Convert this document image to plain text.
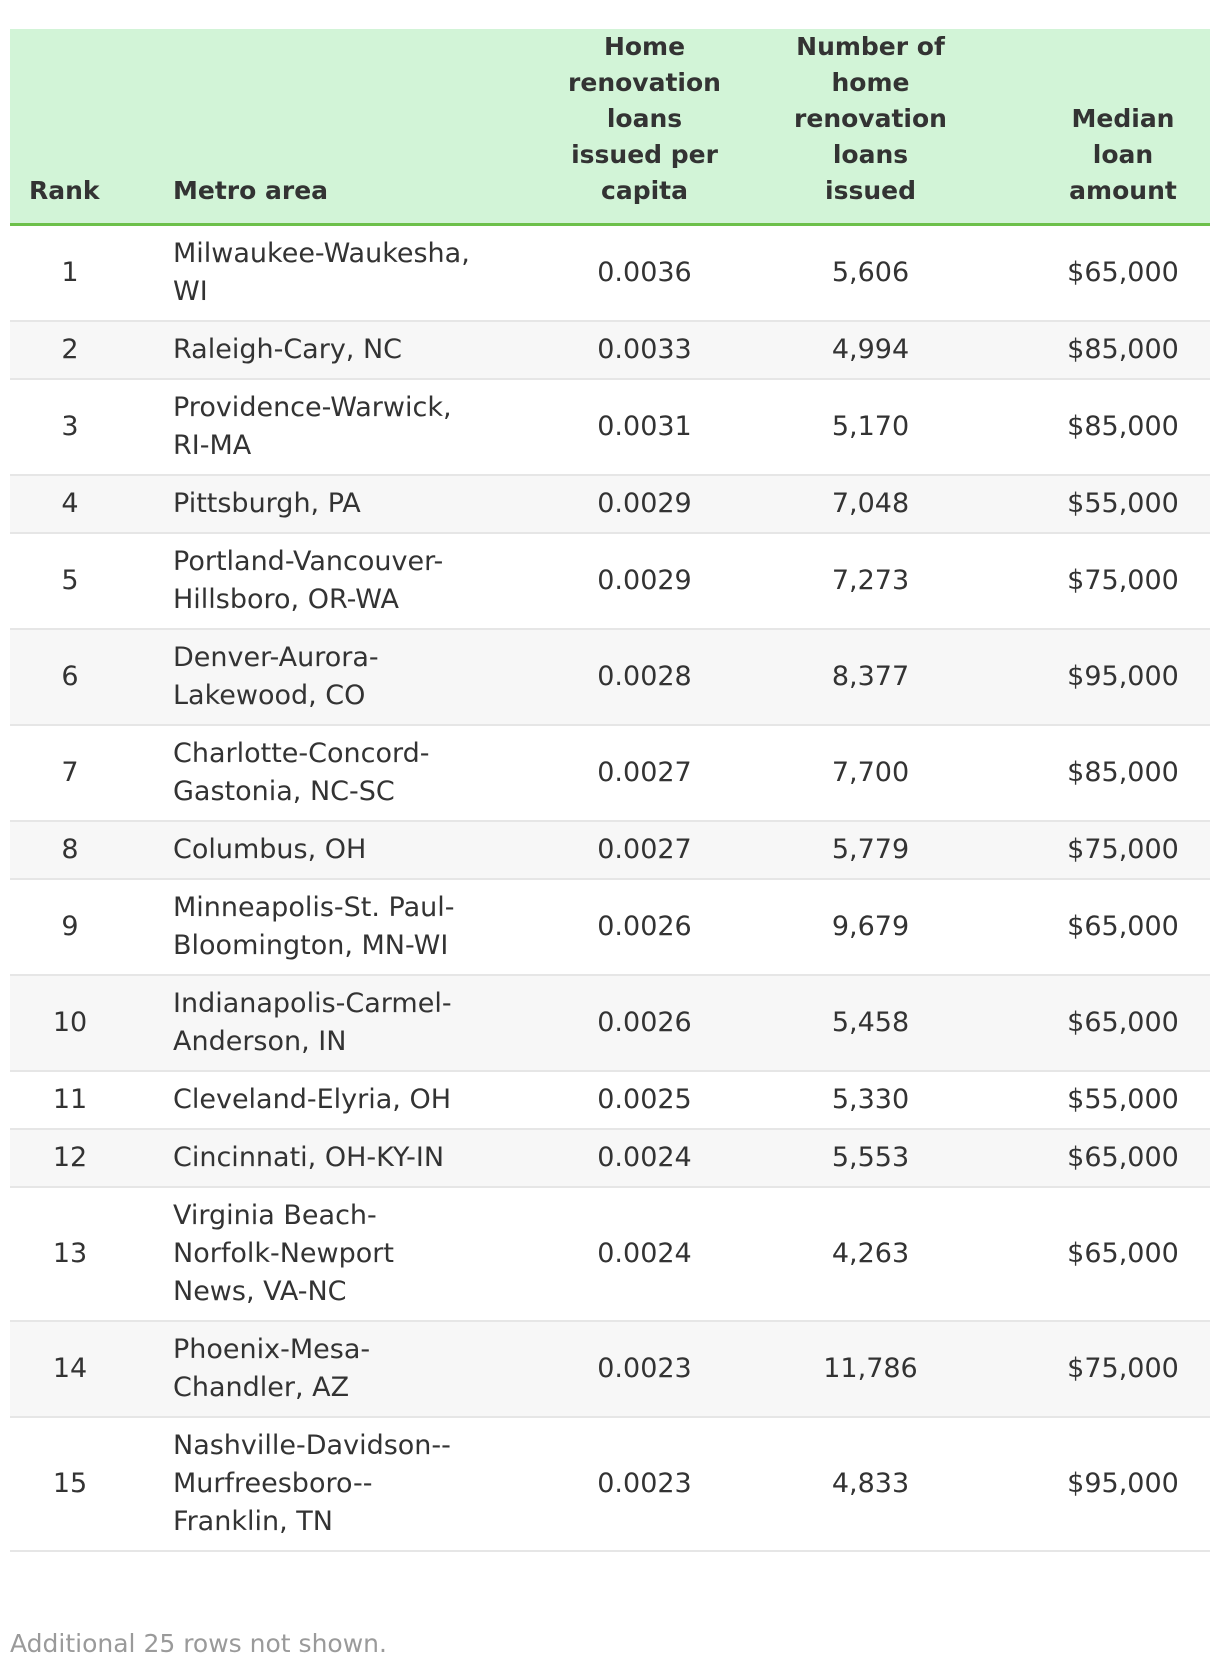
Rank	Metro area	Home renovation loans issued per capita	Number of home renovation loans issued	Median loan amount
1	Milwaukee-Waukesha, WI	0.0036	5,606	$65,000
2	Raleigh-Cary, NC	0.0033	4,994	$85,000
3	Providence-Warwick, RI-MA	0.0031	5,170	$85,000
4	Pittsburgh, PA	0.0029	7,048	$55,000
5	Portland-Vancouver-Hillsboro, OR-WA	0.0029	7,273	$75,000
6	Denver-Aurora-Lakewood, CO	0.0028	8,377	$95,000
7	Charlotte-Concord-Gastonia, NC-SC	0.0027	7,700	$85,000
8	Columbus, OH	0.0027	5,779	$75,000
9	Minneapolis-St. Paul-Bloomington, MN-WI	0.0026	9,679	$65,000
10	Indianapolis-Carmel-Anderson, IN	0.0026	5,458	$65,000
11	Cleveland-Elyria, OH	0.0025	5,330	$55,000
12	Cincinnati, OH-KY-IN	0.0024	5,553	$65,000
13	Virginia Beach-Norfolk-Newport News, VA-NC	0.0024	4,263	$65,000
14	Phoenix-Mesa-Chandler, AZ	0.0023	11,786	$75,000
15	Nashville-Davidson--Murfreesboro--Franklin, TN	0.0023	4,833	$95,000
Additional 25 rows not shown.
